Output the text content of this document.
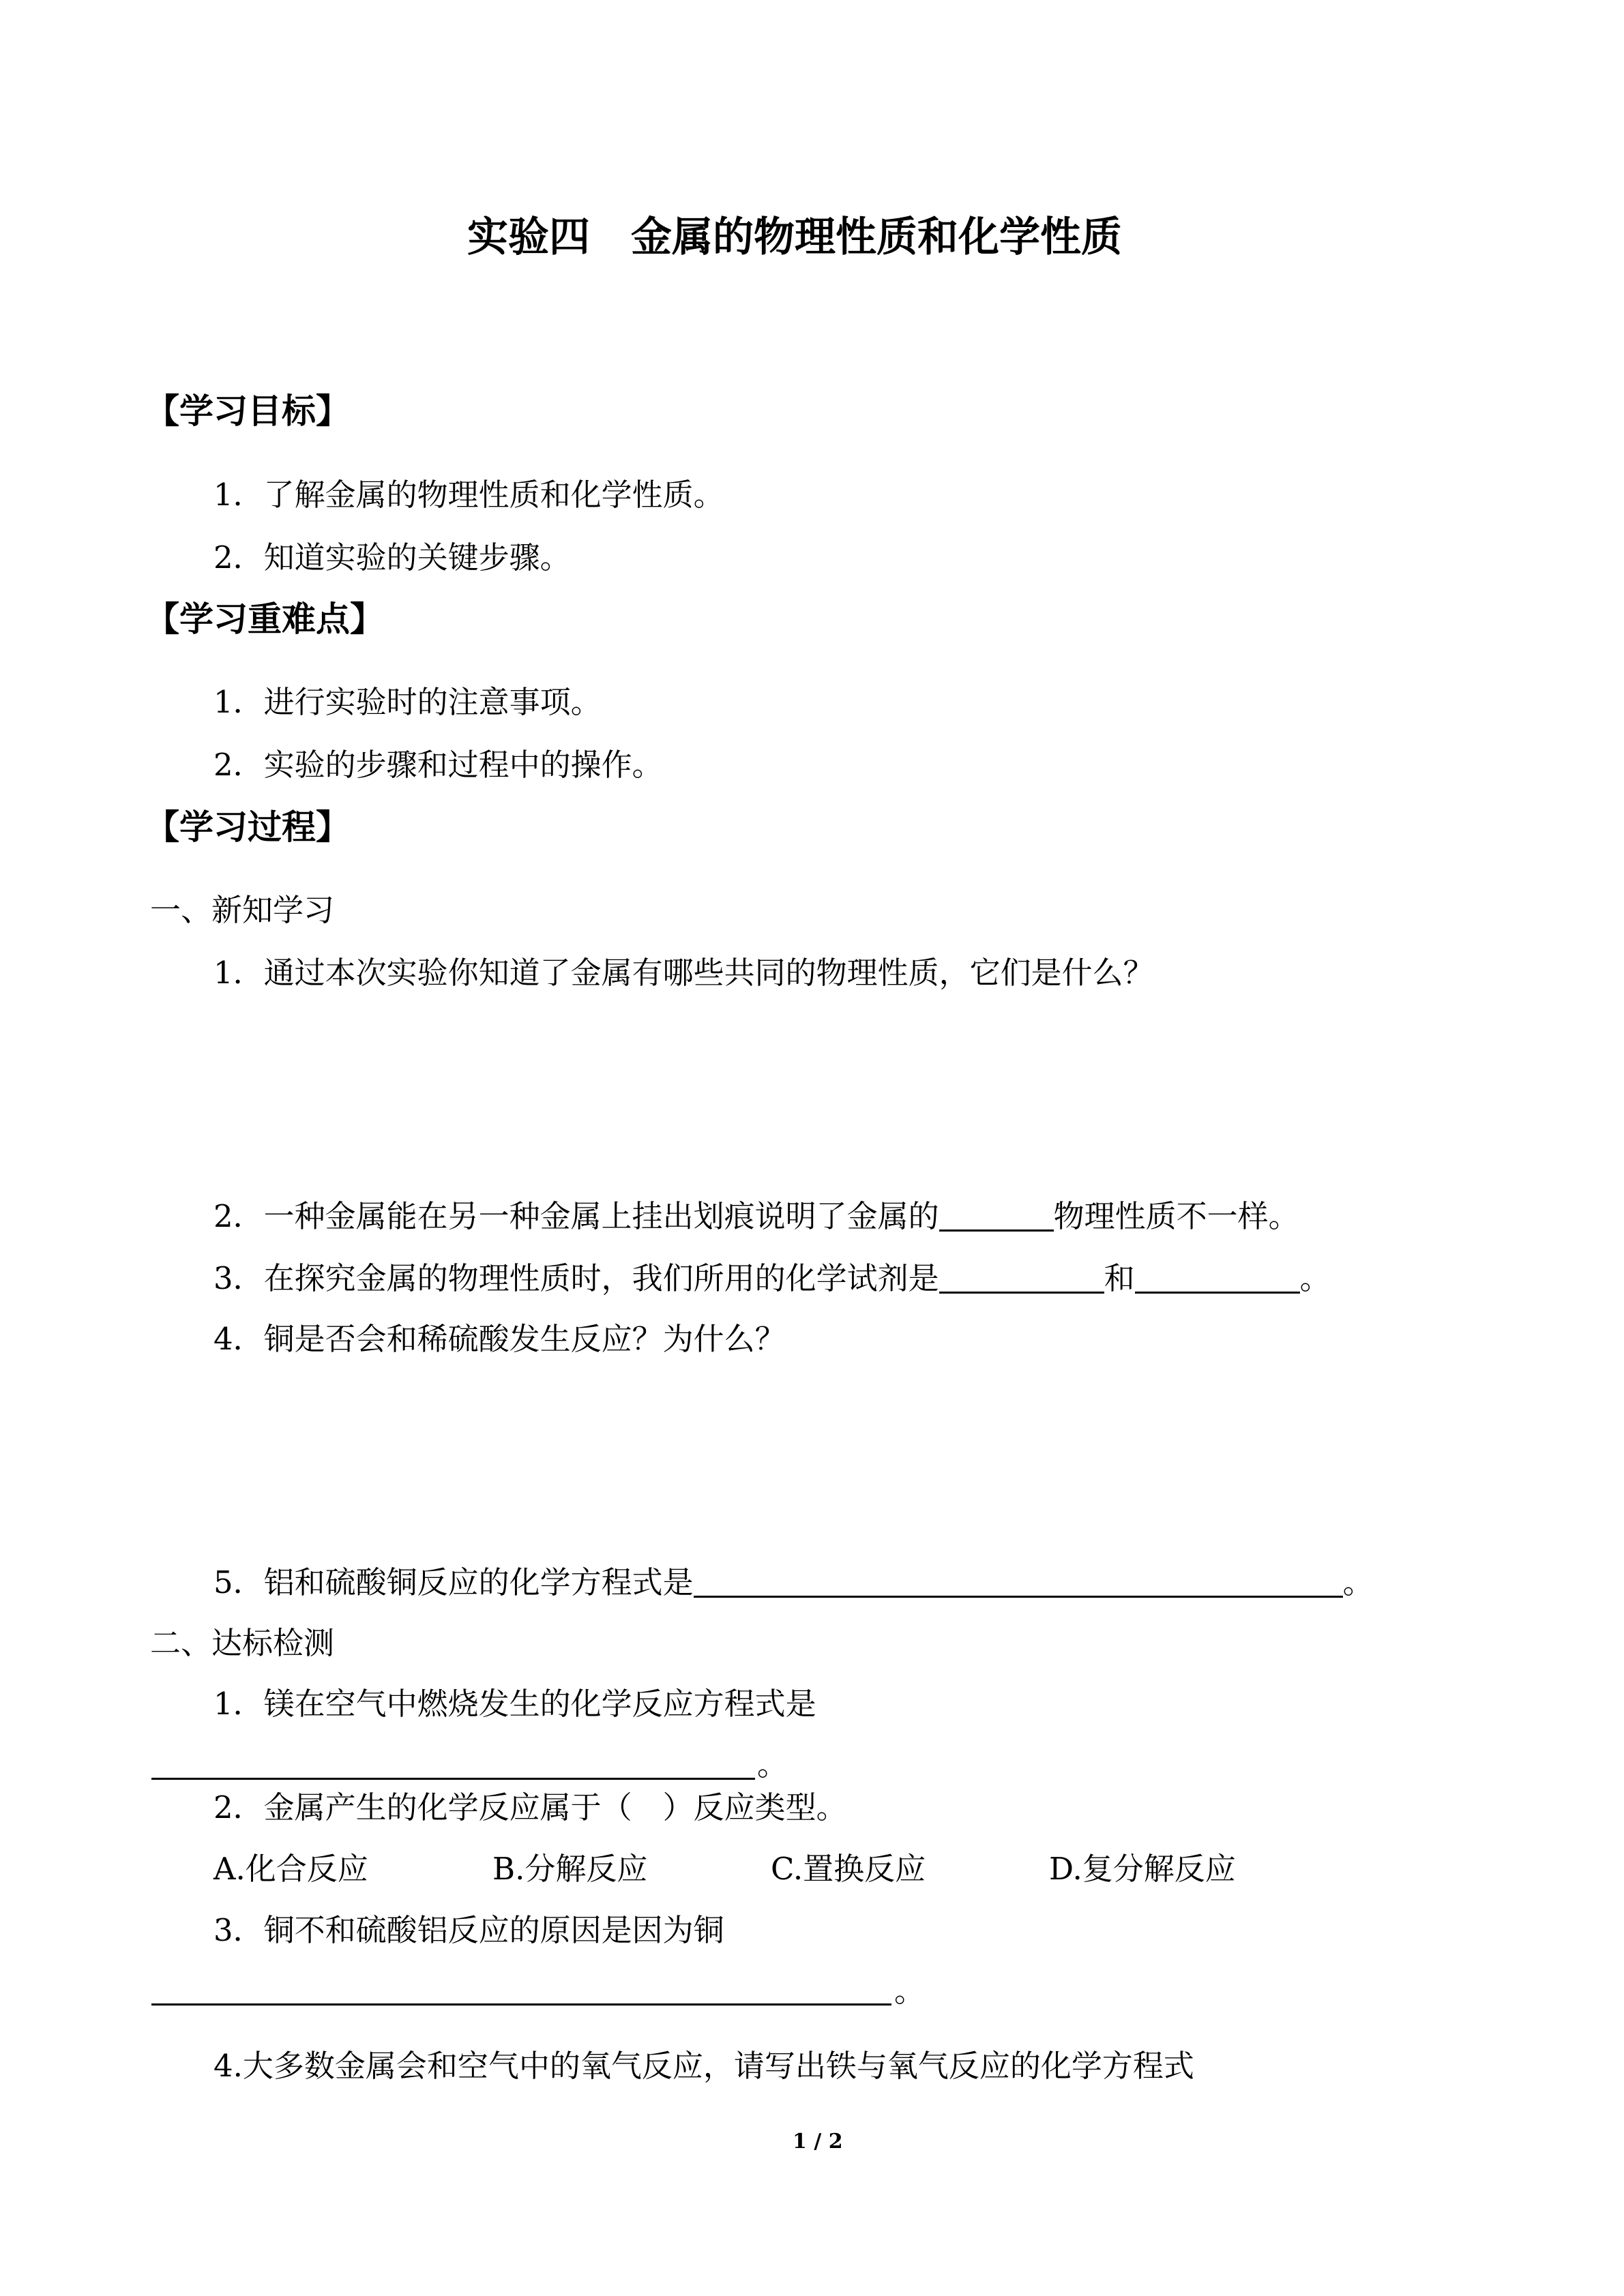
实验四　金属的物理性质和化学性质
【学习目标】
1．了解金属的物理性质和化学性质。
2．知道实验的关键步骤。
【学习重难点】
1．进行实验时的注意事项。
2．实验的步骤和过程中的操作。
【学习过程】
一、新知学习
1．通过本次实验你知道了金属有哪些共同的物理性质，它们是什么？
2．一种金属能在另一种金属上挂出划痕说明了金属的	物理性质不一样。
3．在探究金属的物理性质时，我们所用的化学试剂是	和	。
4．铜是否会和稀硫酸发生反应？为什么？
5．铝和硫酸铜反应的化学方程式是	。
二、达标检测
1．镁在空气中燃烧发生的化学反应方程式是
。
2．金属产生的化学反应属于（　）反应类型。
A.化合反应	B.分解反应	C.置换反应	D.复分解反应
3．铜不和硫酸铝反应的原因是因为铜
。
4.大多数金属会和空气中的氧气反应，请写出铁与氧气反应的化学方程式
1 / 2
